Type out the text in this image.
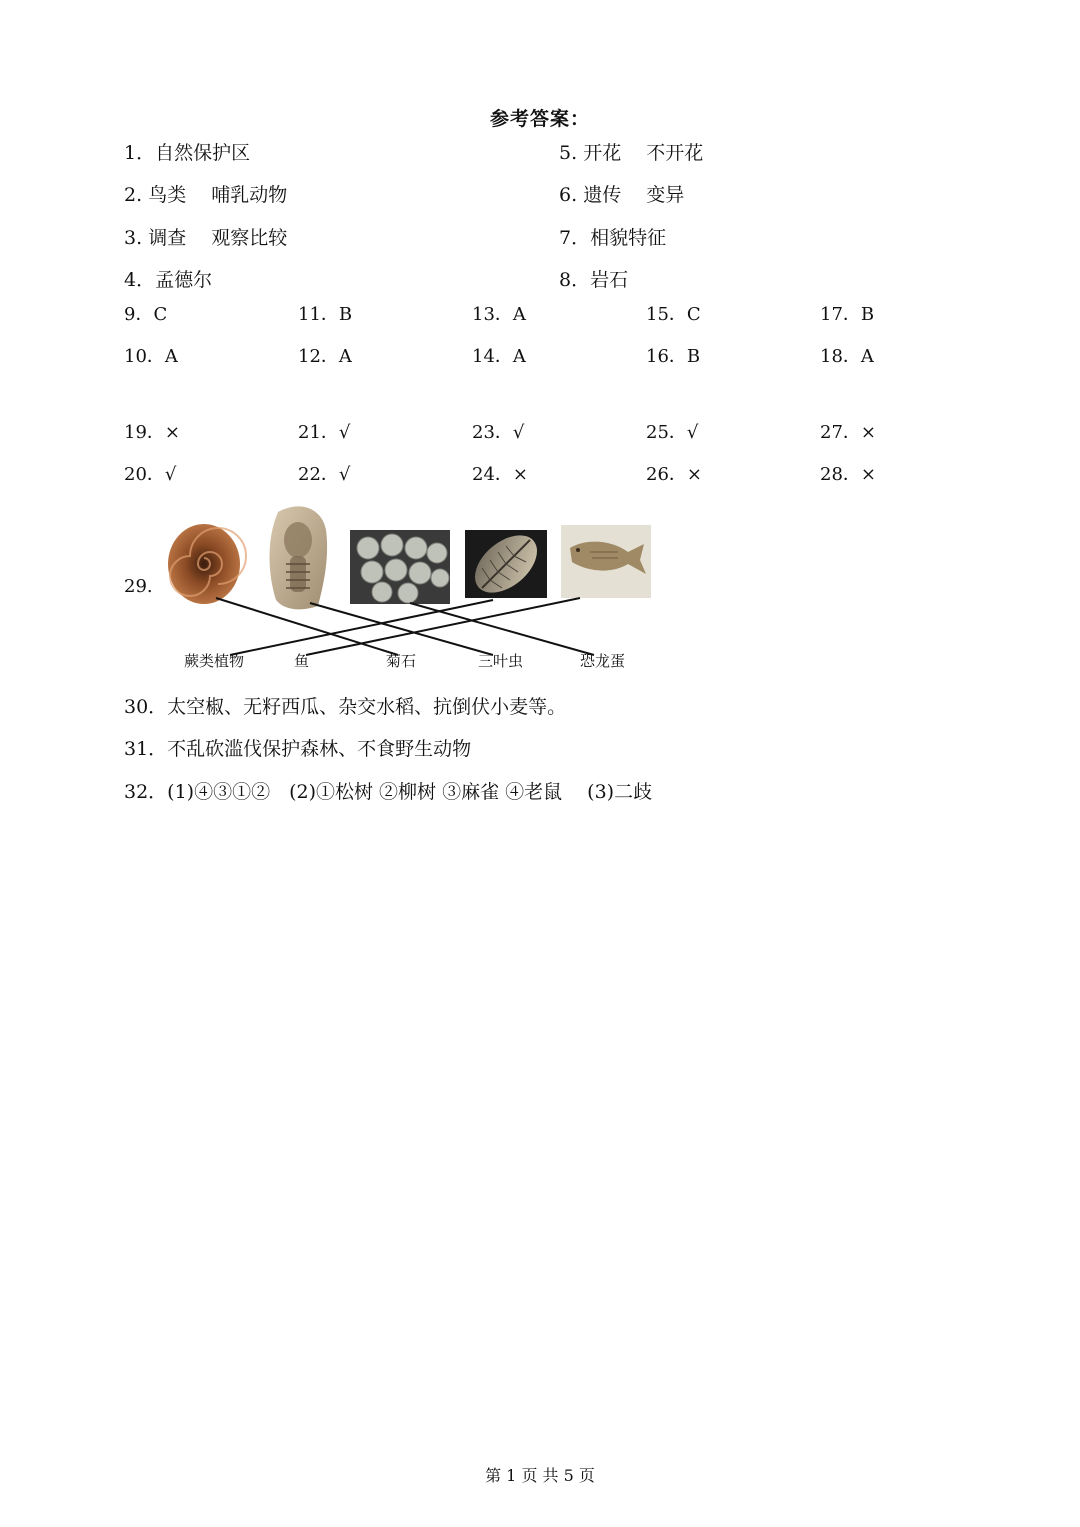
参考答案：
1．自然保护区
2. 鸟类　 哺乳动物
3. 调查　 观察比较
4．孟德尔
5. 开花　 不开花
6. 遗传　 变异
7．相貌特征
8．岩石
9．C	11．B	13．A	15．C	17．B
10．A	12．A	14．A	16．B	18．A
19．×	21．√	23．√	25．√	27．×
20．√	22．√	24．×	26．×	28．×
29.
蕨类植物	鱼	菊石	三叶虫	恐龙蛋
30．太空椒、无籽西瓜、杂交水稻、抗倒伏小麦等。
31．不乱砍滥伐保护森林、不食野生动物
32．(1)④③①②　(2)①松树 ②柳树 ③麻雀 ④老鼠　 (3)二歧
第 1 页 共 5 页
